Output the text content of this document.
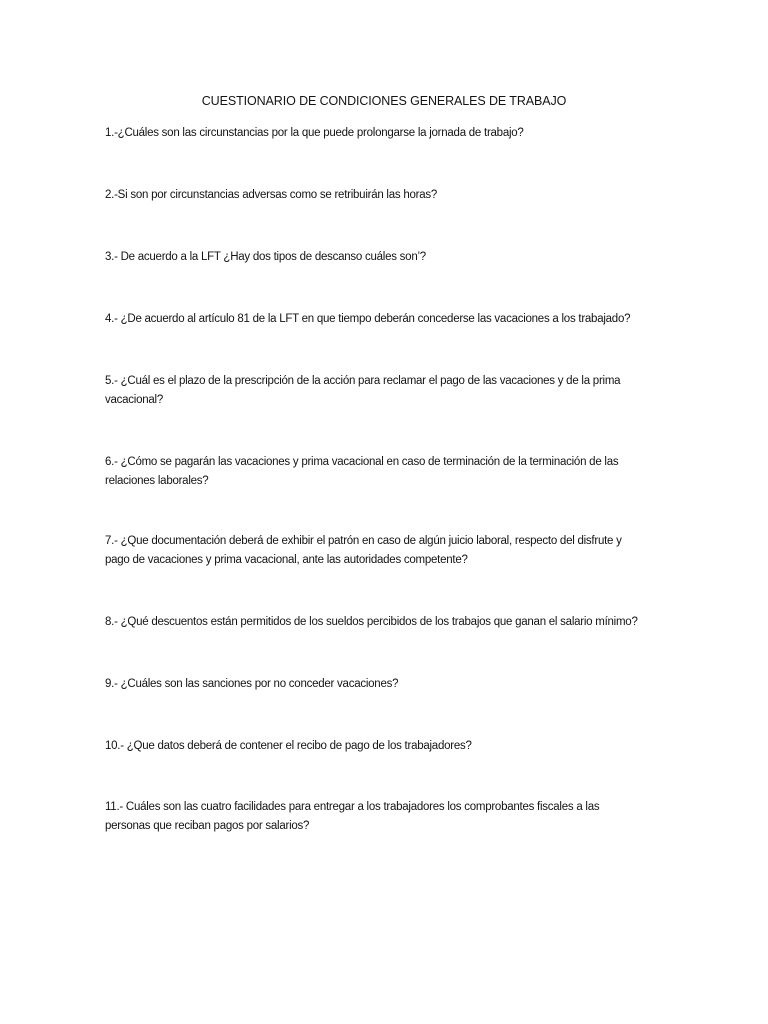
CUESTIONARIO DE CONDICIONES GENERALES DE TRABAJO
1.-¿Cuáles son las circunstancias por la que puede prolongarse la jornada de trabajo?
2.-Si son por circunstancias adversas como se retribuirán las horas?
3.- De acuerdo a la LFT ¿Hay dos tipos de descanso cuáles son’?
4.- ¿De acuerdo al artículo 81 de la LFT en que tiempo deberán concederse las vacaciones a los trabajado?
5.- ¿Cuál es el plazo de la prescripción de la acción para reclamar el pago de las vacaciones y de la prima
vacacional?
6.- ¿Cómo se pagarán las vacaciones y prima vacacional en caso de terminación de la terminación de las
relaciones laborales?
7.- ¿Que documentación deberá de exhibir el patrón en caso de algún juicio laboral, respecto del disfrute y
pago de vacaciones y prima vacacional, ante las autoridades competente?
8.- ¿Qué descuentos están permitidos de los sueldos percibidos de los trabajos que ganan el salario mínimo?
9.- ¿Cuáles son las sanciones por no conceder vacaciones?
10.- ¿Que datos deberá de contener el recibo de pago de los trabajadores?
11.- Cuáles son las cuatro facilidades para entregar a los trabajadores los comprobantes fiscales a las
personas que reciban pagos por salarios?
